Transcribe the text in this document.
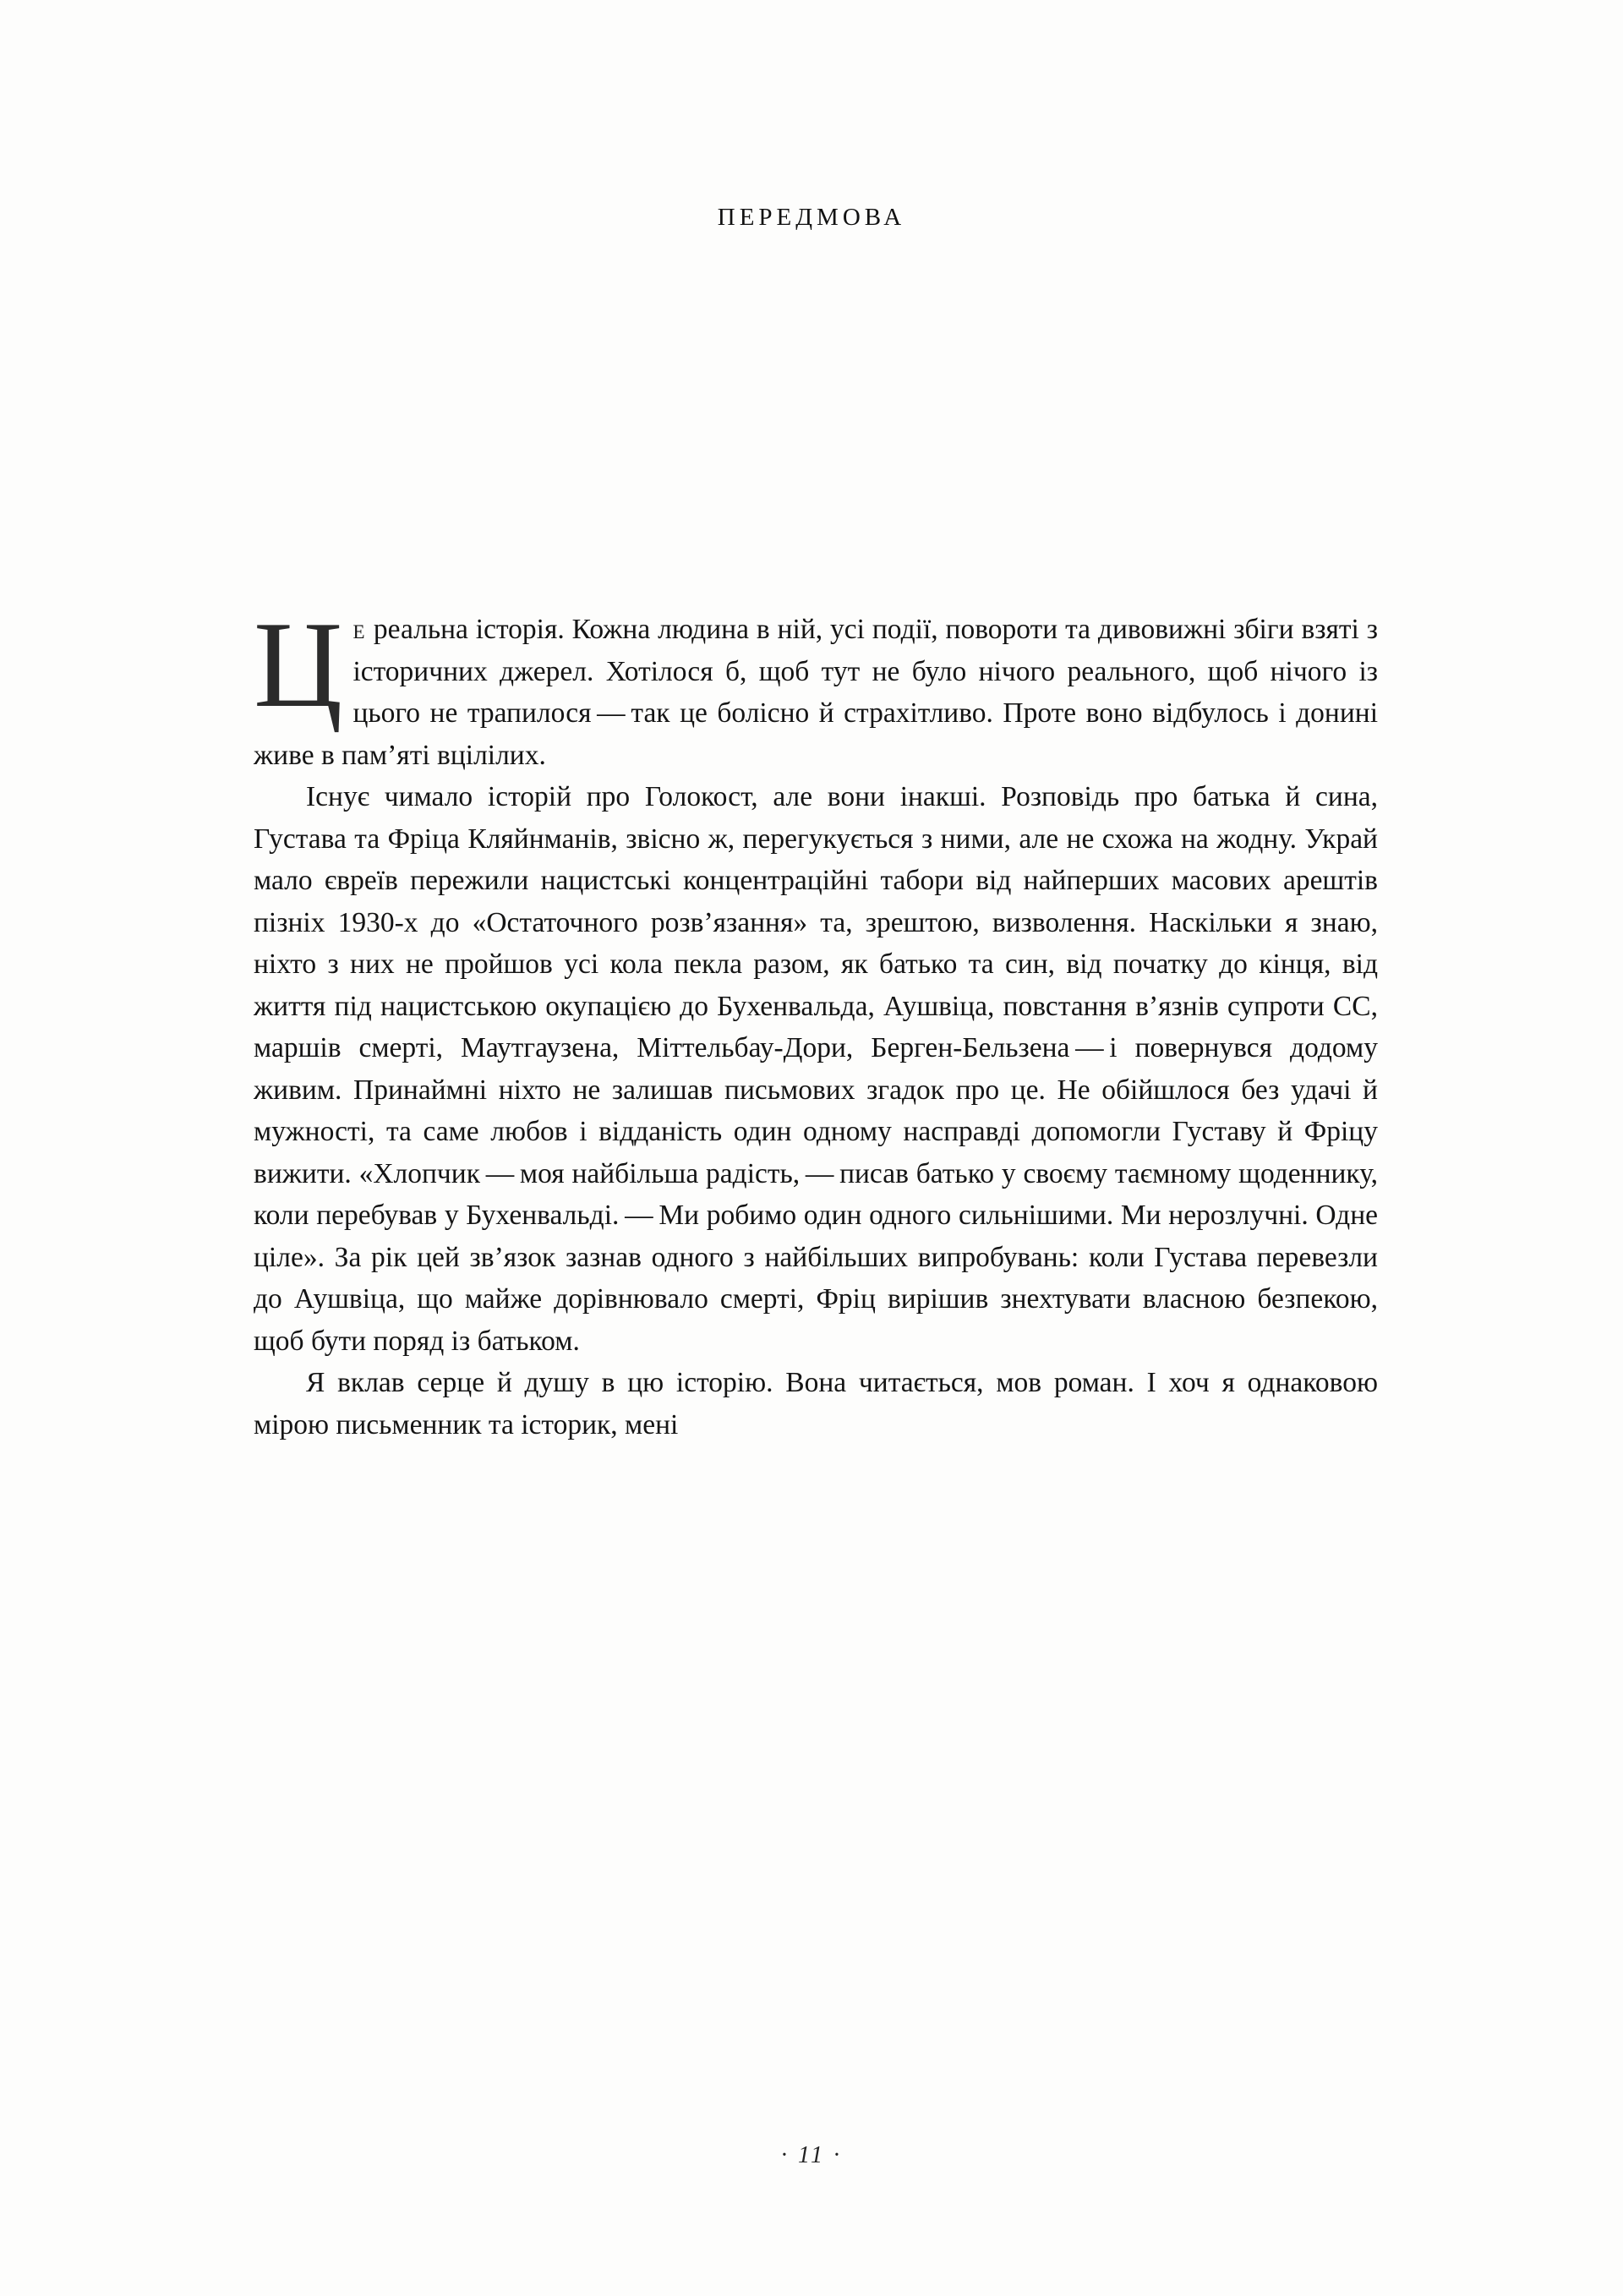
передмова

Це реальна історія. Кожна людина в ній, усі події, повороти та дивовижні збіги взяті з історичних джерел. Хотілося б, щоб тут не було нічого реального, щоб нічого із цього не трапилося — так це болісно й страхітливо. Проте воно відбулось і донині живе в пам’яті вцілілих.

Існує чимало історій про Голокост, але вони інакші. Розповідь про батька й сина, Густава та Фріца Кляйнманів, звісно ж, перегукується з ними, але не схожа на жодну. Украй мало євреїв пережили нацистські концентраційні табори від найперших масових арештів пізніх 1930-х до «Остаточного розв’язання» та, зрештою, визволення. Наскільки я знаю, ніхто з них не пройшов усі кола пекла разом, як батько та син, від початку до кінця, від життя під нацистською окупацією до Бухенвальда, Аушвіца, повстання в’язнів супроти СС, маршів смерті, Маутгаузена, Міттельбау-Дори, Берген-Бельзена — і повернувся додому живим. Принаймні ніхто не залишав письмових згадок про це. Не обійшлося без удачі й мужності, та саме любов і відданість один одному насправді допомогли Густаву й Фріцу вижити. «Хлопчик — моя найбільша радість, — писав батько у своєму таємному щоденнику, коли перебував у Бухенвальді. — Ми робимо один одного сильнішими. Ми нерозлучні. Одне ціле». За рік цей зв’язок зазнав одного з найбільших випробувань: коли Густава перевезли до Аушвіца, що майже дорівнювало смерті, Фріц вирішив знехтувати власною безпекою, щоб бути поряд із батьком.

Я вклав серце й душу в цю історію. Вона читається, мов роман. І хоч я однаковою мірою письменник та історик, мені

· 11 ·
